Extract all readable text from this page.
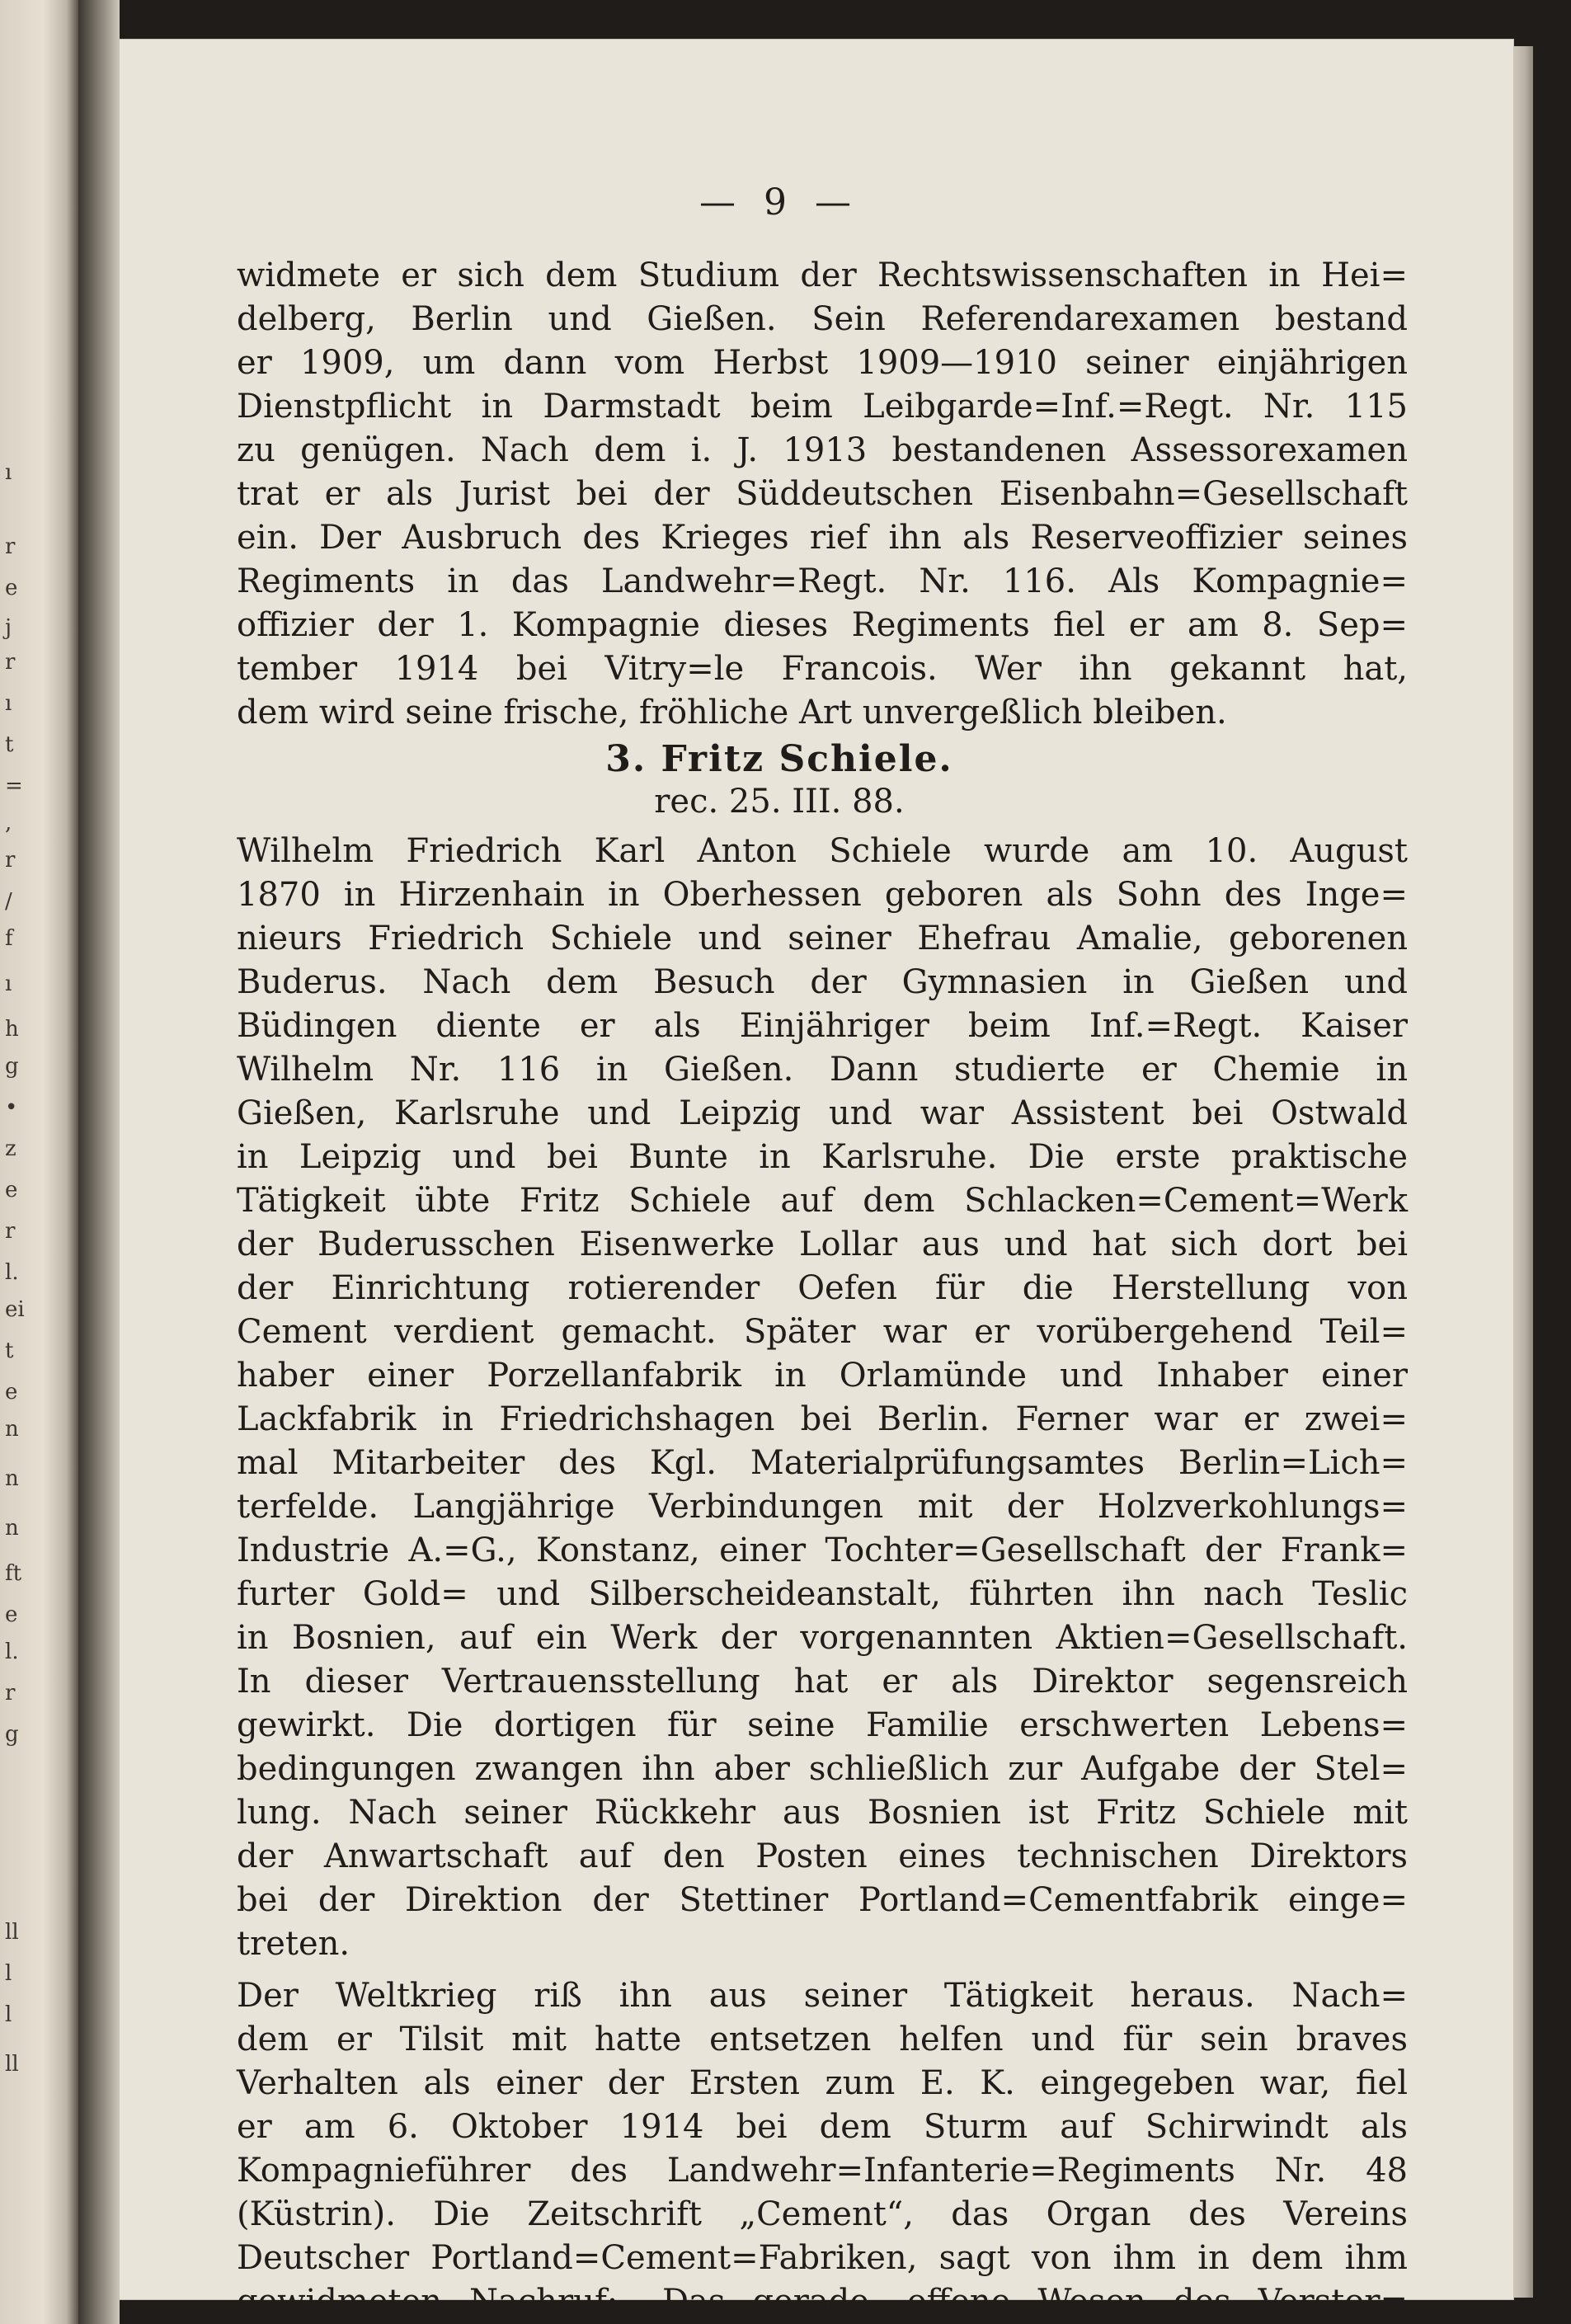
ı
r
e
j
r
ı
t
=
,
r
/
f
ı
h
g
•
z
e
r
l.
ei
t
e
n
n
n
ft
e
l.
r
g
ll
l
l
ll
— 9 —
widmete er sich dem Studium der Rechtswissenschaften in Hei=
delberg, Berlin und Gießen. Sein Referendarexamen bestand
er 1909, um dann vom Herbst 1909—1910 seiner einjährigen
Dienstpflicht in Darmstadt beim Leibgarde=Inf.=Regt. Nr. 115
zu genügen. Nach dem i. J. 1913 bestandenen Assessorexamen
trat er als Jurist bei der Süddeutschen Eisenbahn=Gesellschaft
ein. Der Ausbruch des Krieges rief ihn als Reserveoffizier seines
Regiments in das Landwehr=Regt. Nr. 116. Als Kompagnie=
offizier der 1. Kompagnie dieses Regiments fiel er am 8. Sep=
tember 1914 bei Vitry=le Francois. Wer ihn gekannt hat,
dem wird seine frische, fröhliche Art unvergeßlich bleiben.
3. Fritz Schiele.
rec. 25. III. 88.
Wilhelm Friedrich Karl Anton Schiele wurde am 10. August
1870 in Hirzenhain in Oberhessen geboren als Sohn des Inge=
nieurs Friedrich Schiele und seiner Ehefrau Amalie, geborenen
Buderus. Nach dem Besuch der Gymnasien in Gießen und
Büdingen diente er als Einjähriger beim Inf.=Regt. Kaiser
Wilhelm Nr. 116 in Gießen. Dann studierte er Chemie in
Gießen, Karlsruhe und Leipzig und war Assistent bei Ostwald
in Leipzig und bei Bunte in Karlsruhe. Die erste praktische
Tätigkeit übte Fritz Schiele auf dem Schlacken=Cement=Werk
der Buderusschen Eisenwerke Lollar aus und hat sich dort bei
der Einrichtung rotierender Oefen für die Herstellung von
Cement verdient gemacht. Später war er vorübergehend Teil=
haber einer Porzellanfabrik in Orlamünde und Inhaber einer
Lackfabrik in Friedrichshagen bei Berlin. Ferner war er zwei=
mal Mitarbeiter des Kgl. Materialprüfungsamtes Berlin=Lich=
terfelde. Langjährige Verbindungen mit der Holzverkohlungs=
Industrie A.=G., Konstanz, einer Tochter=Gesellschaft der Frank=
furter Gold= und Silberscheideanstalt, führten ihn nach Teslic
in Bosnien, auf ein Werk der vorgenannten Aktien=Gesellschaft.
In dieser Vertrauensstellung hat er als Direktor segensreich
gewirkt. Die dortigen für seine Familie erschwerten Lebens=
bedingungen zwangen ihn aber schließlich zur Aufgabe der Stel=
lung. Nach seiner Rückkehr aus Bosnien ist Fritz Schiele mit
der Anwartschaft auf den Posten eines technischen Direktors
bei der Direktion der Stettiner Portland=Cementfabrik einge=
treten.
Der Weltkrieg riß ihn aus seiner Tätigkeit heraus. Nach=
dem er Tilsit mit hatte entsetzen helfen und für sein braves
Verhalten als einer der Ersten zum E. K. eingegeben war, fiel
er am 6. Oktober 1914 bei dem Sturm auf Schirwindt als
Kompagnieführer des Landwehr=Infanterie=Regiments Nr. 48
(Küstrin). Die Zeitschrift „Cement“, das Organ des Vereins
Deutscher Portland=Cement=Fabriken, sagt von ihm in dem ihm
gewidmeten Nachruf: „Das gerade, offene Wesen des Verstor=
